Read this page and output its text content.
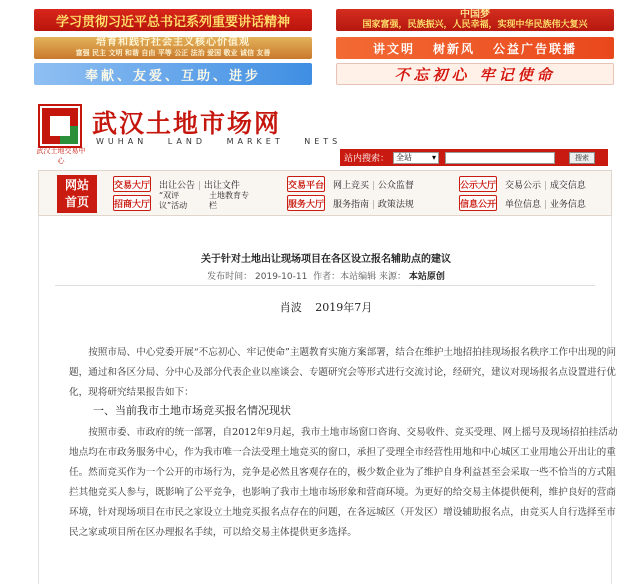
学习贯彻习近平总书记系列重要讲话精神
培育和践行社会主义核心价值观
富强 民主 文明 和谐 自由 平等 公正 法治 爱国 敬业 诚信 友善
奉献、友爱、互助、进步
中国梦
国家富强，民族振兴，人民幸福，实现中华民族伟大复兴
讲文明 树新风 公益广告联播
不忘初心 牢记使命
武汉土地交易中心
武汉土地市场网
WUHAN LAND MARKET NETS
站内搜索： 全站 ▾	搜索
网站首页
交易大厅 出让公告 | 出让文件
招商大厅
“双评议”活动
土地教育专栏
交易平台 网上竞买 | 公众监督
服务大厅 服务指南 | 政策法规
公示大厅 交易公示 | 成交信息
信息公开 单位信息 | 业务信息
关于针对土地出让现场项目在各区设立报名辅助点的建议
发布时间： 2019-10-11 作者：本站编辑 来源： 本站原创
肖波 2019年7月

按照市局、中心党委开展“不忘初心、牢记使命”主题教育实施方案部署，结合在维护土地招拍挂现场报名秩序工作中出现的问题，通过和各区分局、分中心及部分代表企业以座谈会、专题研究会等形式进行交流讨论，经研究，建议对现场报名点设置进行优化，现将研究结果报告如下：

一、当前我市土地市场竞买报名情况现状

按照市委、市政府的统一部署，自2012年9月起，我市土地市场窗口咨询、交易收件、竞买受理、网上摇号及现场招拍挂活动地点均在市政务服务中心，作为我市唯一合法受理土地竞买的窗口，承担了受理全市经营性用地和中心城区工业用地公开出让的重任。然而竞买作为一个公开的市场行为，竞争是必然且客观存在的，极少数企业为了维护自身利益甚至会采取一些不恰当的方式阻拦其他竞买人参与，既影响了公平竞争，也影响了我市土地市场形象和营商环境。为更好的给交易主体提供便利，维护良好的营商环境，针对现场项目在市民之家设立土地竞买报名点存在的问题，在各远城区（开发区）增设辅助报名点，由竞买人自行选择至市民之家或项目所在区办理报名手续，可以给交易主体提供更多选择。
